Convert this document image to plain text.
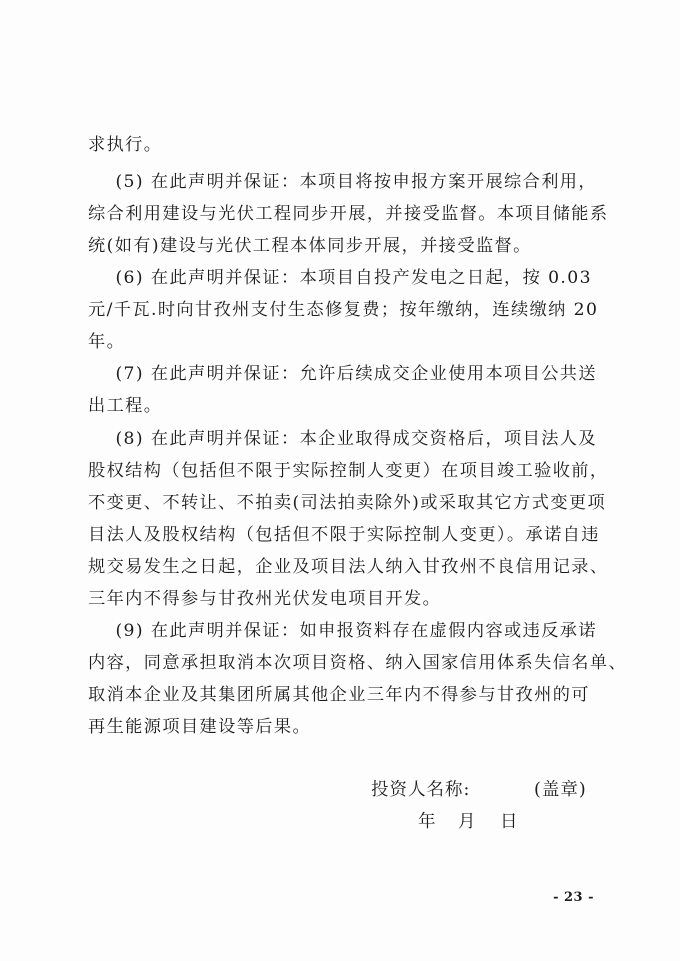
求执行。
(5) 在此声明并保证：本项目将按申报方案开展综合利用，
综合利用建设与光伏工程同步开展，并接受监督。本项目储能系
统(如有)建设与光伏工程本体同步开展，并接受监督。
(6) 在此声明并保证：本项目自投产发电之日起，按 0.03
元/千瓦.时向甘孜州支付生态修复费；按年缴纳，连续缴纳 20
年。
(7) 在此声明并保证：允许后续成交企业使用本项目公共送
出工程。
(8) 在此声明并保证：本企业取得成交资格后，项目法人及
股权结构（包括但不限于实际控制人变更）在项目竣工验收前，
不变更、不转让、不拍卖(司法拍卖除外)或采取其它方式变更项
目法人及股权结构（包括但不限于实际控制人变更）。承诺自违
规交易发生之日起，企业及项目法人纳入甘孜州不良信用记录、
三年内不得参与甘孜州光伏发电项目开发。
(9) 在此声明并保证：如申报资料存在虚假内容或违反承诺
内容，同意承担取消本次项目资格、纳入国家信用体系失信名单、
取消本企业及其集团所属其他企业三年内不得参与甘孜州的可
再生能源项目建设等后果。
投资人名称:	(盖章)
年 月 日
- 23 -
